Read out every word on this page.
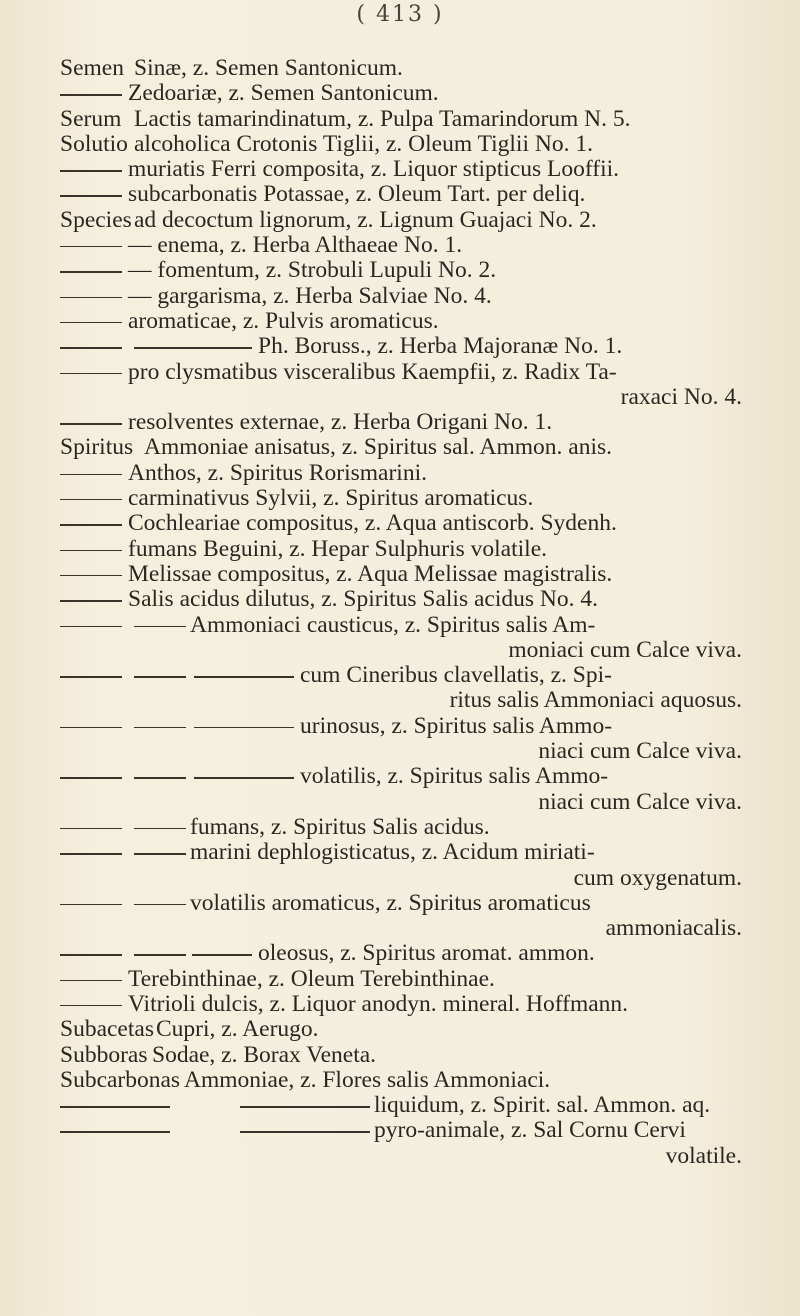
( 413 )
Semen Sinæ, z. Semen Santonicum.
Zedoariæ, z. Semen Santonicum.
Serum Lactis tamarindinatum, z. Pulpa Tamarindorum N. 5.
Solutio alcoholica Crotonis Tiglii, z. Oleum Tiglii No. 1.
muriatis Ferri composita, z. Liquor stipticus Looffii.
subcarbonatis Potassae, z. Oleum Tart. per deliq.
Species ad decoctum lignorum, z. Lignum Guajaci No. 2.
— enema, z. Herba Althaeae No. 1.
— fomentum, z. Strobuli Lupuli No. 2.
— gargarisma, z. Herba Salviae No. 4.
aromaticae, z. Pulvis aromaticus.
Ph. Boruss., z. Herba Majoranæ No. 1.
pro clysmatibus visceralibus Kaempfii, z. Radix Ta-
raxaci No. 4.
resolventes externae, z. Herba Origani No. 1.
Spiritus Ammoniae anisatus, z. Spiritus sal. Ammon. anis.
Anthos, z. Spiritus Rorismarini.
carminativus Sylvii, z. Spiritus aromaticus.
Cochleariae compositus, z. Aqua antiscorb. Sydenh.
fumans Beguini, z. Hepar Sulphuris volatile.
Melissae compositus, z. Aqua Melissae magistralis.
Salis acidus dilutus, z. Spiritus Salis acidus No. 4.
Ammoniaci causticus, z. Spiritus salis Am-
moniaci cum Calce viva.
cum Cineribus clavellatis, z. Spi-
ritus salis Ammoniaci aquosus.
urinosus, z. Spiritus salis Ammo-
niaci cum Calce viva.
volatilis, z. Spiritus salis Ammo-
niaci cum Calce viva.
fumans, z. Spiritus Salis acidus.
marini dephlogisticatus, z. Acidum miriati-
cum oxygenatum.
volatilis aromaticus, z. Spiritus aromaticus
ammoniacalis.
oleosus, z. Spiritus aromat. ammon.
Terebinthinae, z. Oleum Terebinthinae.
Vitrioli dulcis, z. Liquor anodyn. mineral. Hoffmann.
Subacetas Cupri, z. Aerugo.
Subboras Sodae, z. Borax Veneta.
Subcarbonas Ammoniae, z. Flores salis Ammoniaci.
liquidum, z. Spirit. sal. Ammon. aq.
pyro-animale, z. Sal Cornu Cervi
volatile.
